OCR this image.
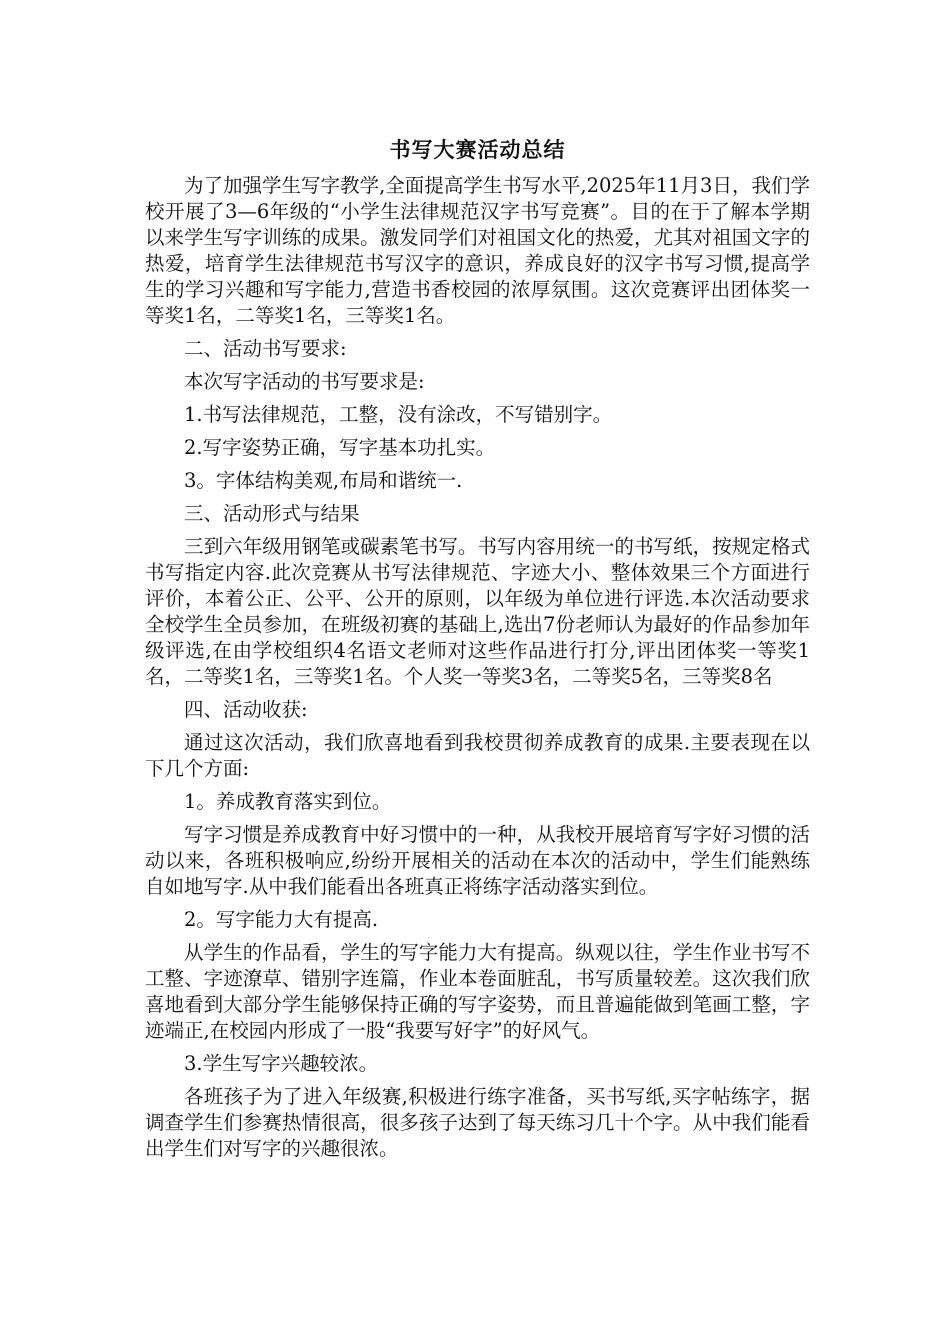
书写大赛活动总结

为了加强学生写字教学,全面提高学生书写水平,2025年11月3日，我们学校开展了3—6年级的“小学生法律规范汉字书写竞赛”。目的在于了解本学期以来学生写字训练的成果。激发同学们对祖国文化的热爱，尤其对祖国文字的热爱，培育学生法律规范书写汉字的意识，养成良好的汉字书写习惯,提高学生的学习兴趣和写字能力,营造书香校园的浓厚氛围。这次竞赛评出团体奖一等奖1名，二等奖1名，三等奖1名。

二、活动书写要求:

本次写字活动的书写要求是:

1.书写法律规范，工整，没有涂改，不写错别字。

2.写字姿势正确，写字基本功扎实。

3。字体结构美观,布局和谐统一.

三、活动形式与结果

三到六年级用钢笔或碳素笔书写。书写内容用统一的书写纸，按规定格式书写指定内容.此次竞赛从书写法律规范、字迹大小、整体效果三个方面进行评价，本着公正、公平、公开的原则，以年级为单位进行评选.本次活动要求全校学生全员参加，在班级初赛的基础上,选出7份老师认为最好的作品参加年级评选,在由学校组织4名语文老师对这些作品进行打分,评出团体奖一等奖1名，二等奖1名，三等奖1名。个人奖一等奖3名，二等奖5名，三等奖8名

四、活动收获:

通过这次活动，我们欣喜地看到我校贯彻养成教育的成果.主要表现在以下几个方面:

1。养成教育落实到位。

写字习惯是养成教育中好习惯中的一种，从我校开展培育写字好习惯的活动以来，各班积极响应,纷纷开展相关的活动在本次的活动中，学生们能熟练自如地写字.从中我们能看出各班真正将练字活动落实到位。

2。写字能力大有提高.

从学生的作品看，学生的写字能力大有提高。纵观以往，学生作业书写不工整、字迹潦草、错别字连篇，作业本卷面脏乱，书写质量较差。这次我们欣喜地看到大部分学生能够保持正确的写字姿势，而且普遍能做到笔画工整，字迹端正,在校园内形成了一股“我要写好字”的好风气。

3.学生写字兴趣较浓。

各班孩子为了进入年级赛,积极进行练字准备，买书写纸,买字帖练字，据调查学生们参赛热情很高，很多孩子达到了每天练习几十个字。从中我们能看出学生们对写字的兴趣很浓。
